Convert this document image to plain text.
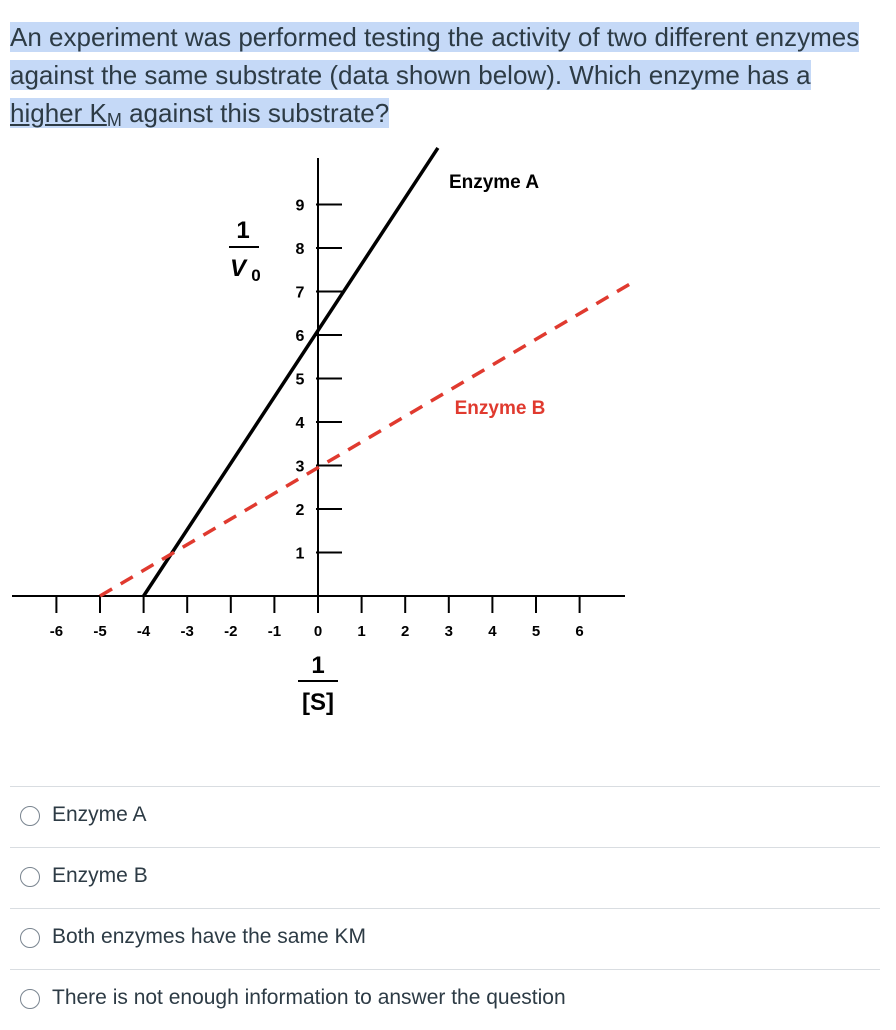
An experiment was performed testing the activity of two different enzymes
against the same substrate (data shown below). Which enzyme has a
higher $K_M$ against this substrate?
-6 -5 -4 -3 -2 -1 0 1 2 3 4 5 6
1
2
3
4
5
6
7
8
9
Enzyme A
Enzyme B
1
V 0
1
[S]
Enzyme A
Enzyme B
Both enzymes have the same KM
There is not enough information to answer the question
